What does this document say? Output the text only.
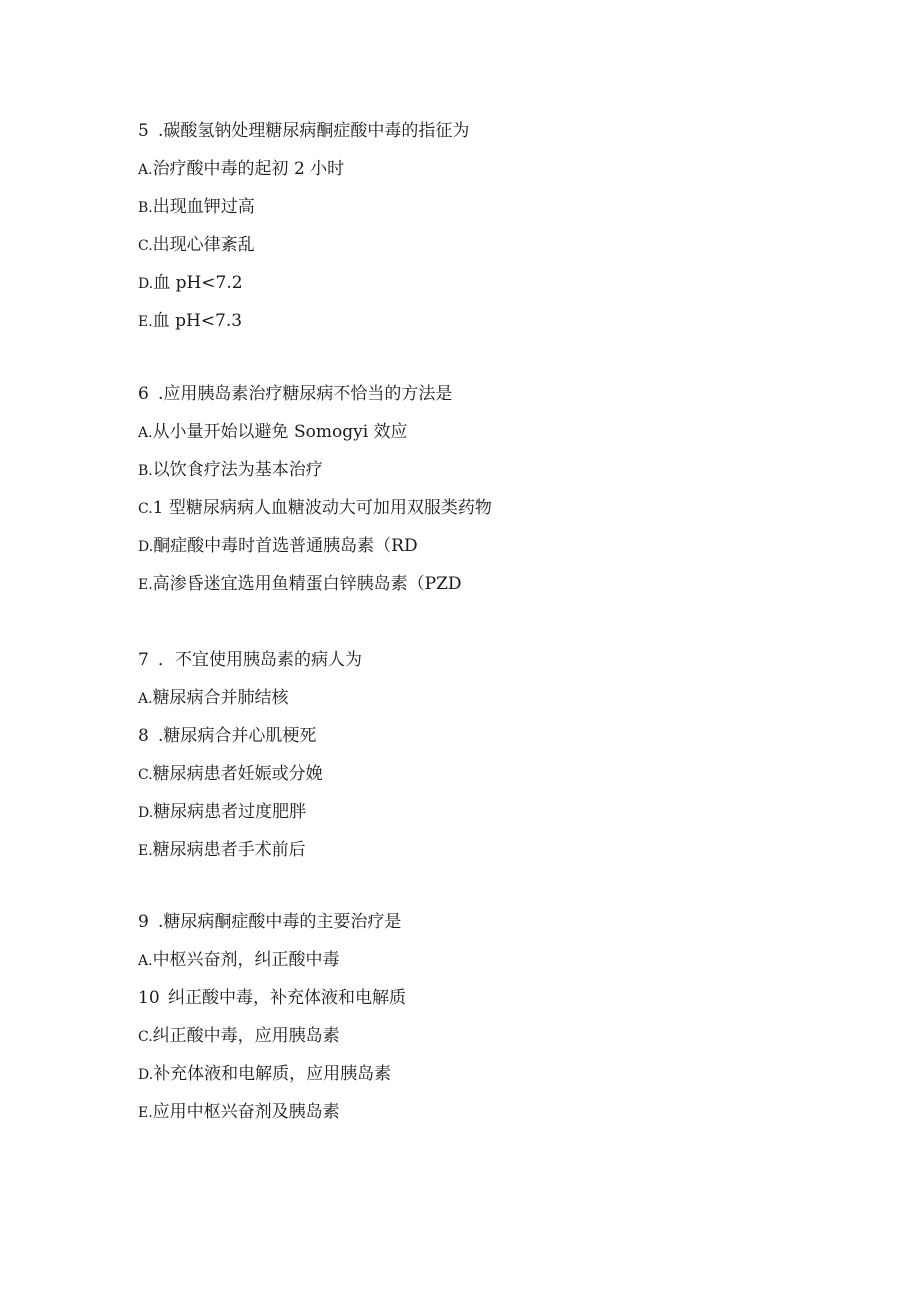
5 .碳酸氢钠处理糖尿病酮症酸中毒的指征为
A.治疗酸中毒的起初 2 小时
B.出现血钾过高
C.出现心律紊乱
D.血 pH<7.2
E.血 pH<7.3
6 .应用胰岛素治疗糖尿病不恰当的方法是
A.从小量开始以避免 Somogyi 效应
B.以饮食疗法为基本治疗
C.1 型糖尿病病人血糖波动大可加用双服类药物
D.酮症酸中毒时首选普通胰岛素（RD
E.高渗昏迷宜选用鱼精蛋白锌胰岛素（PZD
7 ．不宜使用胰岛素的病人为
A.糖尿病合并肺结核
8 .糖尿病合并心肌梗死
C.糖尿病患者妊娠或分娩
D.糖尿病患者过度肥胖
E.糖尿病患者手术前后
9 .糖尿病酮症酸中毒的主要治疗是
A.中枢兴奋剂，纠正酸中毒
10 纠正酸中毒，补充体液和电解质
C.纠正酸中毒，应用胰岛素
D.补充体液和电解质，应用胰岛素
E.应用中枢兴奋剂及胰岛素
